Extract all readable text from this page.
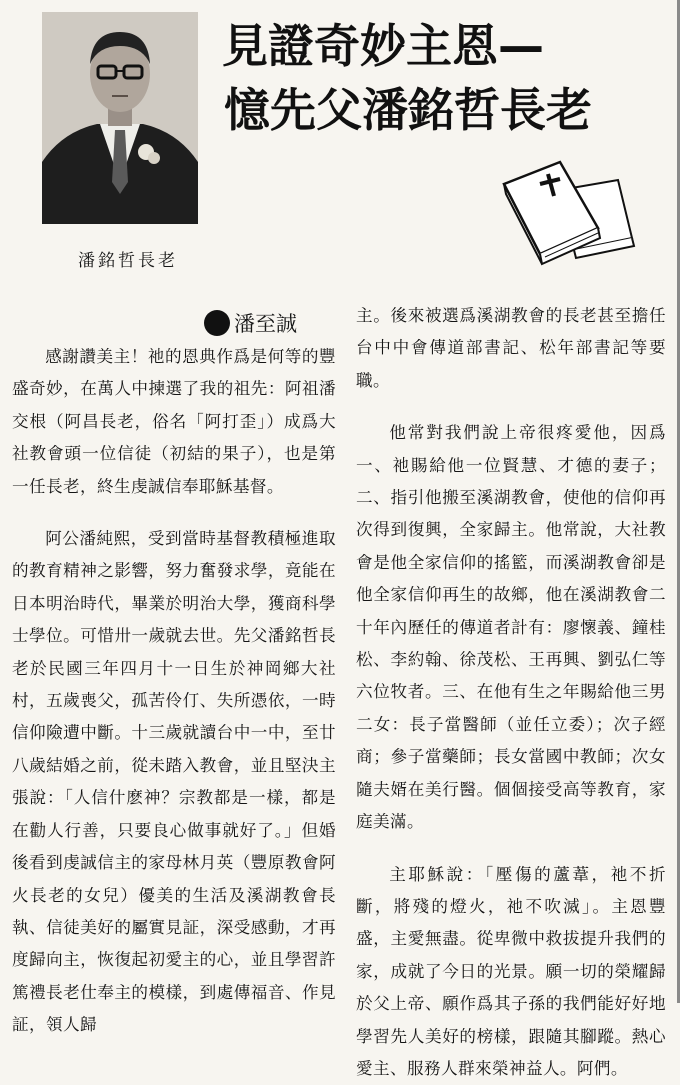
潘銘哲長老
見證奇妙主恩—
憶先父潘銘哲長老
潘至誠

感謝讚美主！祂的恩典作爲是何等的豐盛奇妙，在萬人中揀選了我的祖先：阿祖潘交根（阿昌長老，俗名「阿打歪」）成爲大社教會頭一位信徒（初結的果子），也是第一任長老，終生虔誠信奉耶穌基督。

阿公潘純熙，受到當時基督教積極進取的教育精神之影響，努力奮發求學，竟能在日本明治時代，畢業於明治大學，獲商科學士學位。可惜卅一歲就去世。先父潘銘哲長老於民國三年四月十一日生於神岡鄉大社村，五歲喪父，孤苦伶仃、失所憑依，一時信仰險遭中斷。十三歲就讀台中一中，至廿八歲結婚之前，從未踏入教會，並且堅決主張說：「人信什麽神？宗教都是一樣，都是在勸人行善，只要良心做事就好了。」但婚後看到虔誠信主的家母林月英（豐原教會阿火長老的女兒）優美的生活及溪湖教會長執、信徒美好的屬實見証，深受感動，才再度歸向主，恢復起初愛主的心，並且學習許篤禮長老仕奉主的模樣，到處傳福音、作見証，領人歸

主。後來被選爲溪湖教會的長老甚至擔任台中中會傳道部書記、松年部書記等要職。

他常對我們說上帝很疼愛他，因爲一、祂賜給他一位賢慧、才德的妻子；二、指引他搬至溪湖教會，使他的信仰再次得到復興，全家歸主。他常說，大社教會是他全家信仰的搖籃，而溪湖教會卻是他全家信仰再生的故鄉，他在溪湖教會二十年內歷任的傳道者計有：廖懷義、鐘桂松、李約翰、徐茂松、王再興、劉弘仁等六位牧者。三、在他有生之年賜給他三男二女：長子當醫師（並任立委）；次子經商；參子當藥師；長女當國中教師；次女隨夫婿在美行醫。個個接受高等教育，家庭美滿。

主耶穌說：「壓傷的蘆葦，祂不折斷，將殘的燈火，祂不吹滅」。主恩豐盛，主愛無盡。從卑微中救拔提升我們的家，成就了今日的光景。願一切的榮耀歸於父上帝、願作爲其子孫的我們能好好地學習先人美好的榜樣，跟隨其腳蹤。熱心愛主、服務人群來榮神益人。阿們。
